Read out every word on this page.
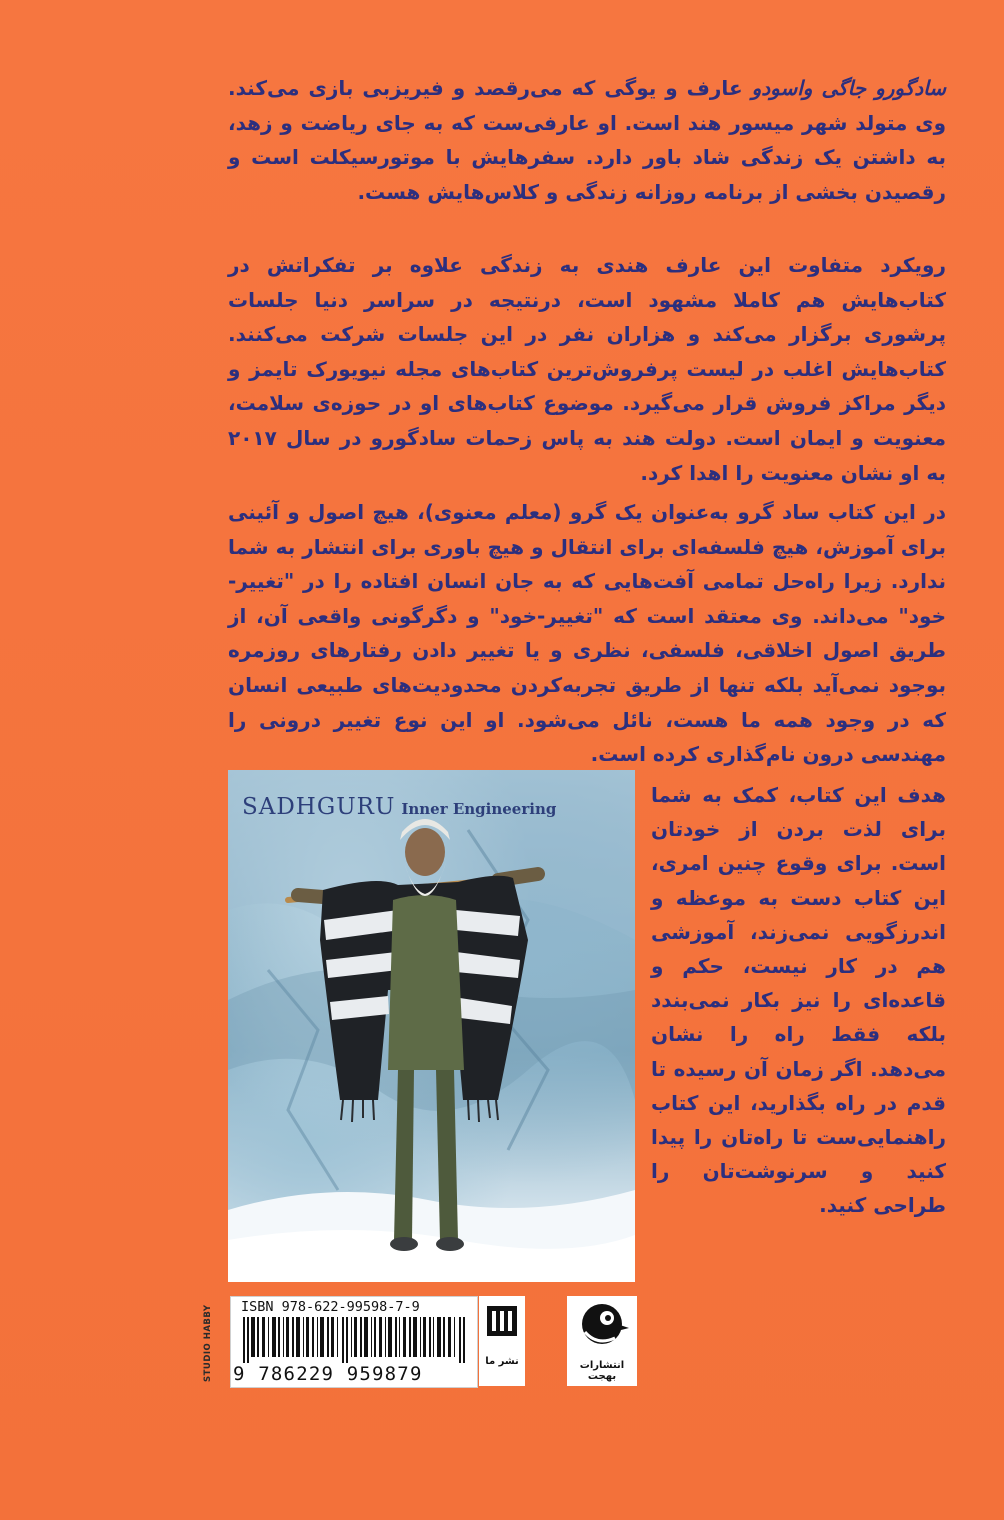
سادگورو جاگی واسودو عارف و یوگی که می‌رقصد و فیریزبی بازی می‌کند. وی متولد شهر میسور هند است. او عارفی‌ست که به جای ریاضت و زهد، به داشتن یک زندگی شاد باور دارد. سفرهایش با موتورسیکلت است و رقصیدن بخشی از برنامه روزانه زندگی و کلاس‌هایش هست.

رویکرد متفاوت این عارف هندی به زندگی علاوه بر تفکراتش در کتاب‌هایش هم کاملا مشهود است، درنتیجه در سراسر دنیا جلسات پرشوری برگزار می‌کند و هزاران نفر در این جلسات شرکت می‌کنند. کتاب‌هایش اغلب در لیست پرفروش‌ترین کتاب‌های مجله نیویورک تایمز و دیگر مراکز فروش قرار می‌گیرد. موضوع کتاب‌های او در حوزه‌ی سلامت، معنویت و ایمان است. دولت هند به پاس زحمات سادگورو در سال ۲۰۱۷ به او نشان معنویت را اهدا کرد.

در این کتاب ساد گرو به‌عنوان یک گرو (معلم معنوی)، هیچ اصول و آئینی برای آموزش، هیچ فلسفه‌ای برای انتقال و هیچ باوری برای انتشار به شما ندارد. زیرا راه‌حل تمامی آفت‌هایی که به جان انسان افتاده را در "تغییر-خود" می‌داند. وی معتقد است که "تغییر-خود" و دگرگونی واقعی آن، از طریق اصول اخلاقی، فلسفی، نظری و یا تغییر دادن رفتارهای روزمره بوجود نمی‌آید بلکه تنها از طریق تجربه‌کردن محدودیت‌های طبیعی انسان که در وجود همه ما هست، نائل می‌شود. او این نوع تغییر درونی را مهندسی درون نام‌گذاری کرده است.

SADHGURU Inner Engineering

هدف این کتاب، کمک به شما برای لذت بردن از خودتان است. برای وقوع چنین امری، این کتاب دست به موعظه و اندرزگویی نمی‌زند، آموزشی هم در کار نیست، حکم و قاعده‌ای را نیز بکار نمی‌بندد بلکه فقط راه را نشان می‌دهد. اگر زمان آن رسیده تا قدم در راه بگذارید، این کتاب راهنمایی‌ست تا راه‌تان را پیدا کنید و سرنوشت‌تان را طراحی کنید.

STUDIO HABBY ISBN 978-622-99598-7-9
9 786229 959879
نشر ما	انتشارات بهجت
